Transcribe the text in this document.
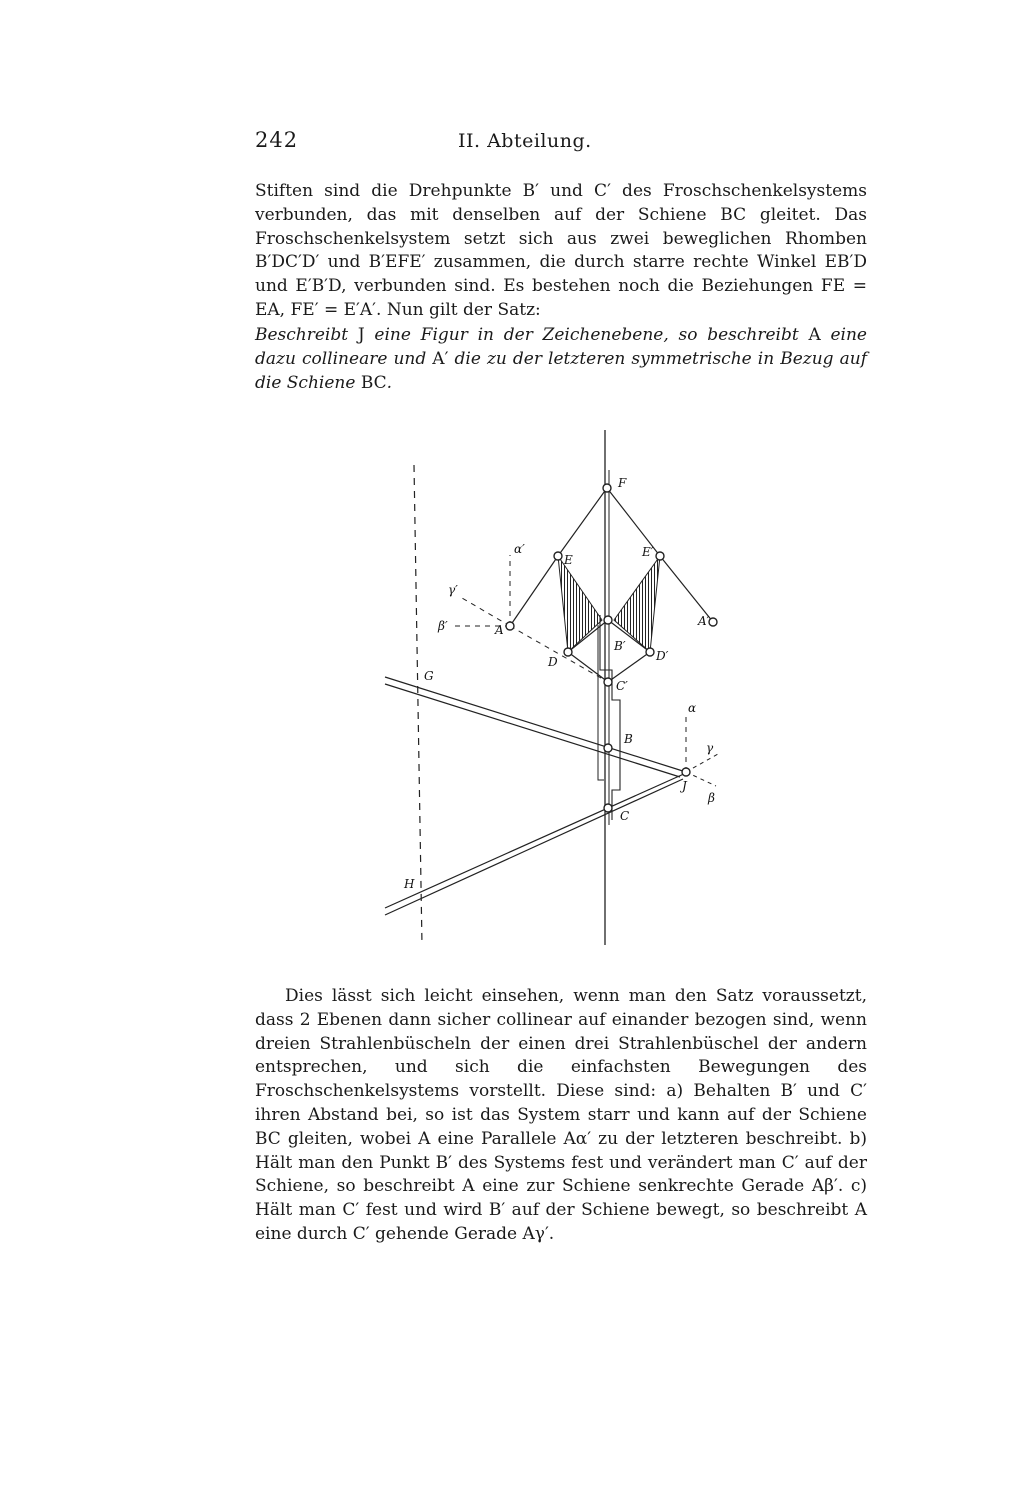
242	II. Abteilung.

Stiften sind die Drehpunkte B′ und C′ des Froschschenkelsystems verbunden, das mit denselben auf der Schiene BC gleitet. Das Froschschenkelsystem setzt sich aus zwei beweglichen Rhomben B′DC′D′ und B′EFE′ zusammen, die durch starre rechte Winkel EB′D und E′B′D, verbunden sind. Es bestehen noch die Beziehungen FE = EA, FE′ = E′A′. Nun gilt der Satz:

Beschreibt J eine Figur in der Zeichenebene, so beschreibt A eine dazu collineare und A′ die zu der letzteren symmetrische in Bezug auf die Schiene BC.

F
E
E′
A
A′
B′
D	D′
C′
G
B
J
C
H
α′
β′
γ′
α
γ
β

Dies lässt sich leicht einsehen, wenn man den Satz voraussetzt, dass 2 Ebenen dann sicher collinear auf einander bezogen sind, wenn dreien Strahlenbüscheln der einen drei Strahlenbüschel der andern entsprechen, und sich die einfachsten Bewegungen des Froschschenkelsystems vorstellt. Diese sind: a) Behalten B′ und C′ ihren Abstand bei, so ist das System starr und kann auf der Schiene BC gleiten, wobei A eine Parallele Aα′ zu der letzteren beschreibt. b) Hält man den Punkt B′ des Systems fest und verändert man C′ auf der Schiene, so beschreibt A eine zur Schiene senkrechte Gerade Aβ′. c) Hält man C′ fest und wird B′ auf der Schiene bewegt, so beschreibt A eine durch C′ gehende Gerade Aγ′.
